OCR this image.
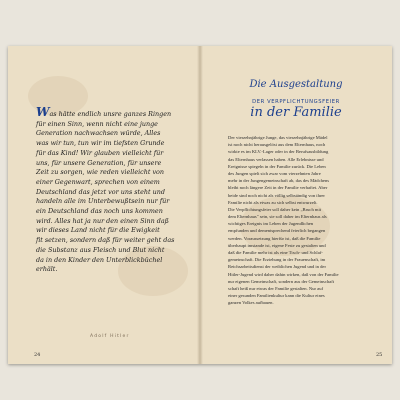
Was hätte endlich unsre ganzes Ringen
für einen Sinn, wenn nicht eine junge
Generation nachwachsen würde, Alles
was wir tun, tun wir im tiefsten Grunde
für das Kind! Wir glauben vielleicht für
uns, für unsere Generation, für unsere
Zeit zu sorgen, wie reden vielleicht von
einer Gegenwart, sprechen von einem
Deutschland das jetzt vor uns steht und
handeln alle im Unterbewußtsein nur für
ein Deutschland das noch uns kommen
wird. Alles hat ja nur den einen Sinn daß
wir dieses Land nicht für die Ewigkeit
fit setzen, sondern daß für weiter geht das
die Substanz aus Fleisch und Blut nicht
da in den Kinder den Unterblickbüchel
erhält.
Adolf Hitler
24
Die Ausgestaltung
DER VERPFLICHTUNGSFEIER
in der Familie
Der vierzehnjährige Junge, das vierzehnjährige Mädel
ist noch nicht herausgelöst aus dem Elternhaus, noch
wirkte es im KLV.-Lager oder in der Berufsausbildung
das Elternhaus verlassen haben. Alle Erlebnisse und
Ereignisse spiegeln in der Familie zurück. Die Leben
des Jungen spielt sich zwar vom vierzehnten Jahre
mehr in der Jungengemeinschaft ab, das des Mädchens
bleibt noch längere Zeit in der Familie verhaftet. Aber
beide sind noch nicht als völlig selbständig von ihrer
Familie nicht als etwas zu sich selbst entwurzelt.
Die Verpflichtungsfeier soll daher kein „Bruch mit
dem Elternhaus" sein, sie soll daher im Elternhaus als
wichtiges Ereignis im Leben der Jugendlichen
empfunden und dementsprechend feierlich begangen
werden. Voraussetzung hierfür ist, daß die Familie
überhaupt imstande ist, eigene Feste zu gestalten und
daß die Familie mehr ist als eine Tisch- und Schlaf-
gemeinschaft. Die Erziehung in der Frauenschaft, im
Reichsarbeitsdienst der weiblichen Jugend und in der
Hitler-Jugend wird daher dahin wirken, daß von der Familie
nur eigenen Gemeinschaft, sondern aus der Gemeinschaft
schaft heiß nur etwas der Familie gestalten. Nur auf
einer gesunden Familienkultur kann die Kultur eines
ganzen Volkes aufbauen.
25
